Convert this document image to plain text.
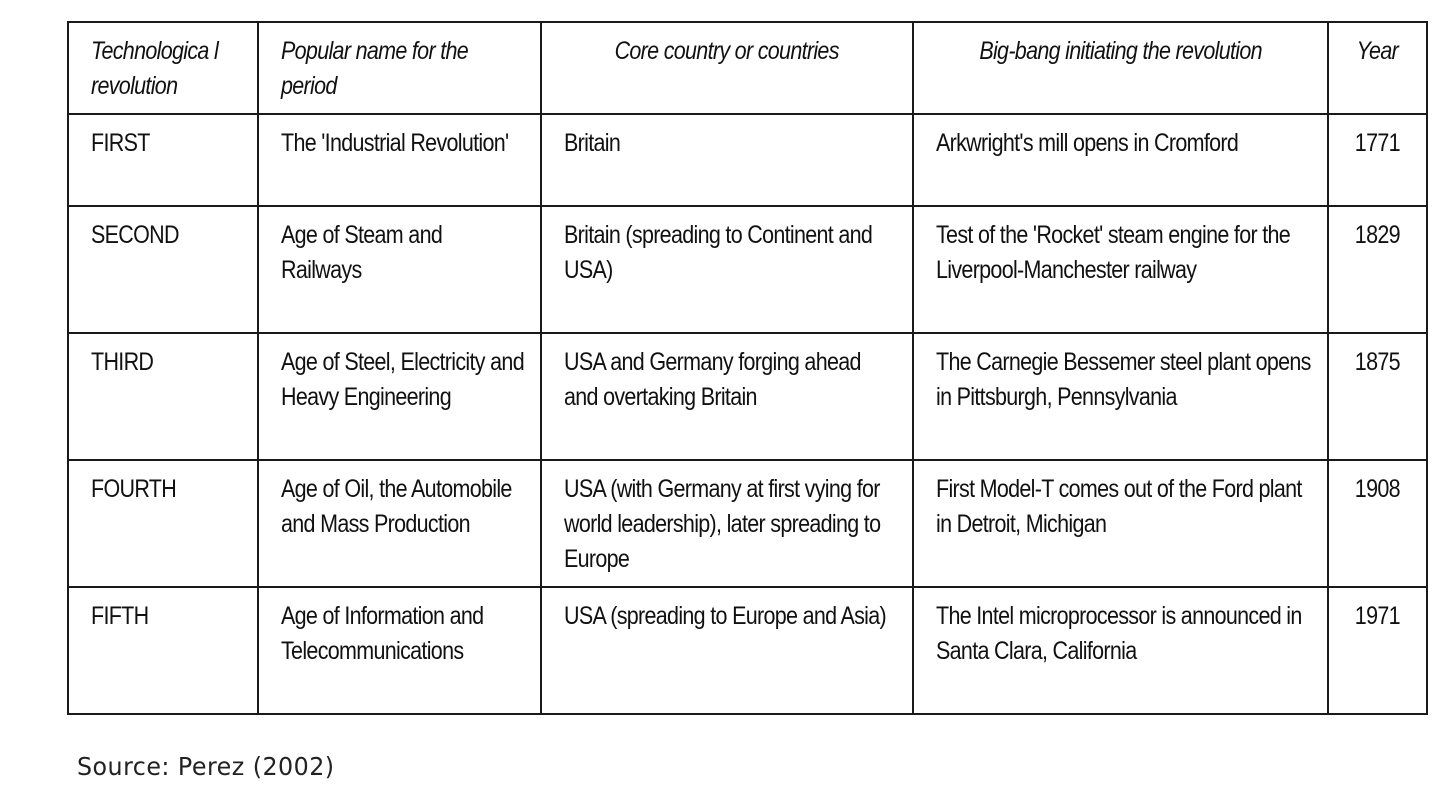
Technologica l revolution	Popular name for the period	Core country or countries	Big-bang initiating the revolution	Year

FIRST	The 'Industrial Revolution'	Britain	Arkwright's mill opens in Cromford	1771

SECOND	Age of Steam and Railways	Britain (spreading to Continent and USA)	Test of the 'Rocket' steam engine for the Liverpool-Manchester railway	1829

THIRD	Age of Steel, Electricity and Heavy Engineering	USA and Germany forging ahead and overtaking Britain	The Carnegie Bessemer steel plant opens in Pittsburgh, Pennsylvania	1875

FOURTH	Age of Oil, the Automobile and Mass Production	USA (with Germany at first vying for world leadership), later spreading to Europe	First Model-T comes out of the Ford plant in Detroit, Michigan	1908

FIFTH	Age of Information and Telecommunications	USA (spreading to Europe and Asia)	The Intel microprocessor is announced in Santa Clara, California	1971
Source: Perez (2002)
